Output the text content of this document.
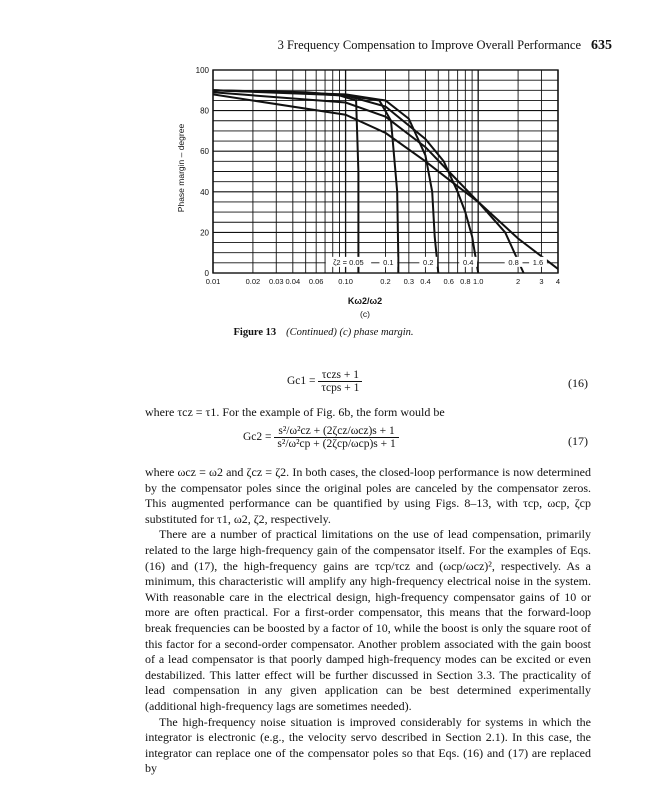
3 Frequency Compensation to Improve Overall Performance 635
0.01	0.02 0.03 0.04 0.06 0.10	0.2 0.3 0.4 0.6 0.8 1.0	2	3 4
0
20
40
60
80
100
ζ2 = 0.05	0.1	0.2	0.4	0.8 1.6
Phase margin – degree
Kω2/ω2
(c)
Figure 13 (Continued) (c) phase margin.
$Gc1 = \frac{\text{τczs + 1}}{\text{τcps + 1}}$	(16)

where τcz = τ1. For the example of Fig. 6b, the form would be

$Gc2 = \frac{\text{s²/ω²cz + (2ζcz/ωcz)s + 1}}{\text{s²/ω²cp + (2ζcp/ωcp)s + 1}}$	(17)

where ωcz = ω2 and ζcz = ζ2. In both cases, the closed-loop performance is now determined by the compensator poles since the original poles are canceled by the compensator zeros. This augmented performance can be quantified by using Figs. 8–13, with τcp, ωcp, ζcp substituted for τ1, ω2, ζ2, respectively.

There are a number of practical limitations on the use of lead compensation, primarily related to the large high-frequency gain of the compensator itself. For the examples of Eqs. (16) and (17), the high-frequency gains are τcp/τcz and (ωcp/ωcz)², respectively. As a minimum, this characteristic will amplify any high-frequency electrical noise in the system. With reasonable care in the electrical design, high-frequency compensator gains of 10 or more are often practical. For a first-order compensator, this means that the forward-loop break frequencies can be boosted by a factor of 10, while the boost is only the square root of this factor for a second-order compensator. Another problem associated with the gain boost of a lead compensator is that poorly damped high-frequency modes can be excited or even destabilized. This latter effect will be further discussed in Section 3.3. The practicality of lead compensation in any given application can be best determined experimentally (additional high-frequency lags are sometimes needed).

The high-frequency noise situation is improved considerably for systems in which the integrator is electronic (e.g., the velocity servo described in Section 2.1). In this case, the integrator can replace one of the compensator poles so that Eqs. (16) and (17) are replaced by
